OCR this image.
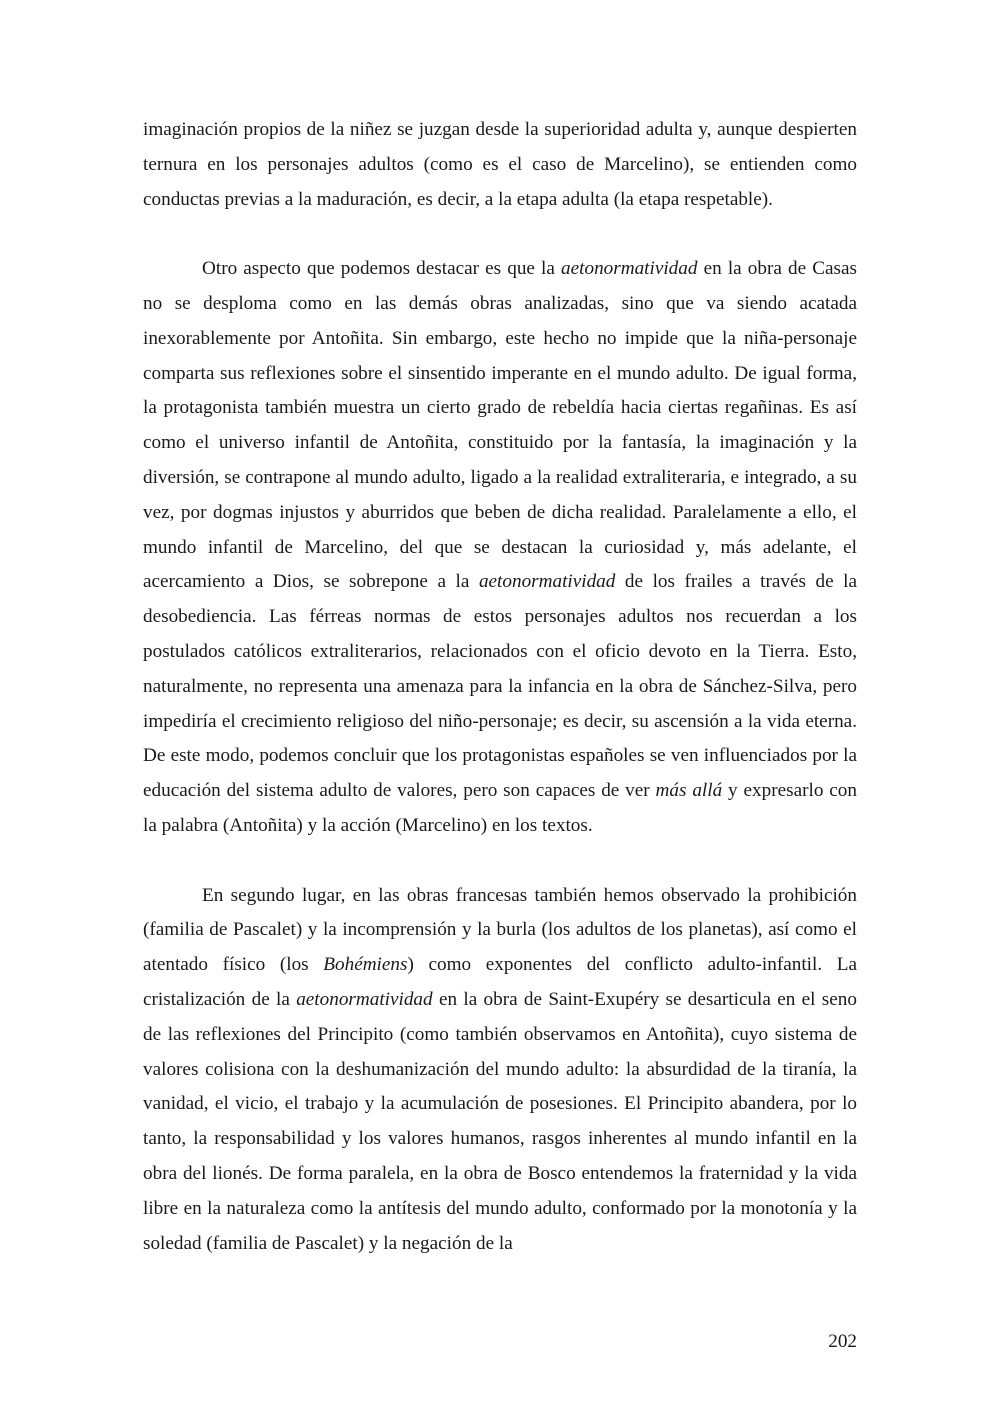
imaginación propios de la niñez se juzgan desde la superioridad adulta y, aunque despierten ternura en los personajes adultos (como es el caso de Marcelino), se entienden como conductas previas a la maduración, es decir, a la etapa adulta (la etapa respetable).

Otro aspecto que podemos destacar es que la aetonormatividad en la obra de Casas no se desploma como en las demás obras analizadas, sino que va siendo acatada inexorablemente por Antoñita. Sin embargo, este hecho no impide que la niña-personaje comparta sus reflexiones sobre el sinsentido imperante en el mundo adulto. De igual forma, la protagonista también muestra un cierto grado de rebeldía hacia ciertas regañinas. Es así como el universo infantil de Antoñita, constituido por la fantasía, la imaginación y la diversión, se contrapone al mundo adulto, ligado a la realidad extraliteraria, e integrado, a su vez, por dogmas injustos y aburridos que beben de dicha realidad. Paralelamente a ello, el mundo infantil de Marcelino, del que se destacan la curiosidad y, más adelante, el acercamiento a Dios, se sobrepone a la aetonormatividad de los frailes a través de la desobediencia. Las férreas normas de estos personajes adultos nos recuerdan a los postulados católicos extraliterarios, relacionados con el oficio devoto en la Tierra. Esto, naturalmente, no representa una amenaza para la infancia en la obra de Sánchez-Silva, pero impediría el crecimiento religioso del niño-personaje; es decir, su ascensión a la vida eterna. De este modo, podemos concluir que los protagonistas españoles se ven influenciados por la educación del sistema adulto de valores, pero son capaces de ver más allá y expresarlo con la palabra (Antoñita) y la acción (Marcelino) en los textos.

En segundo lugar, en las obras francesas también hemos observado la prohibición (familia de Pascalet) y la incomprensión y la burla (los adultos de los planetas), así como el atentado físico (los Bohémiens) como exponentes del conflicto adulto-infantil. La cristalización de la aetonormatividad en la obra de Saint-Exupéry se desarticula en el seno de las reflexiones del Principito (como también observamos en Antoñita), cuyo sistema de valores colisiona con la deshumanización del mundo adulto: la absurdidad de la tiranía, la vanidad, el vicio, el trabajo y la acumulación de posesiones. El Principito abandera, por lo tanto, la responsabilidad y los valores humanos, rasgos inherentes al mundo infantil en la obra del lionés. De forma paralela, en la obra de Bosco entendemos la fraternidad y la vida libre en la naturaleza como la antítesis del mundo adulto, conformado por la monotonía y la soledad (familia de Pascalet) y la negación de la

202
